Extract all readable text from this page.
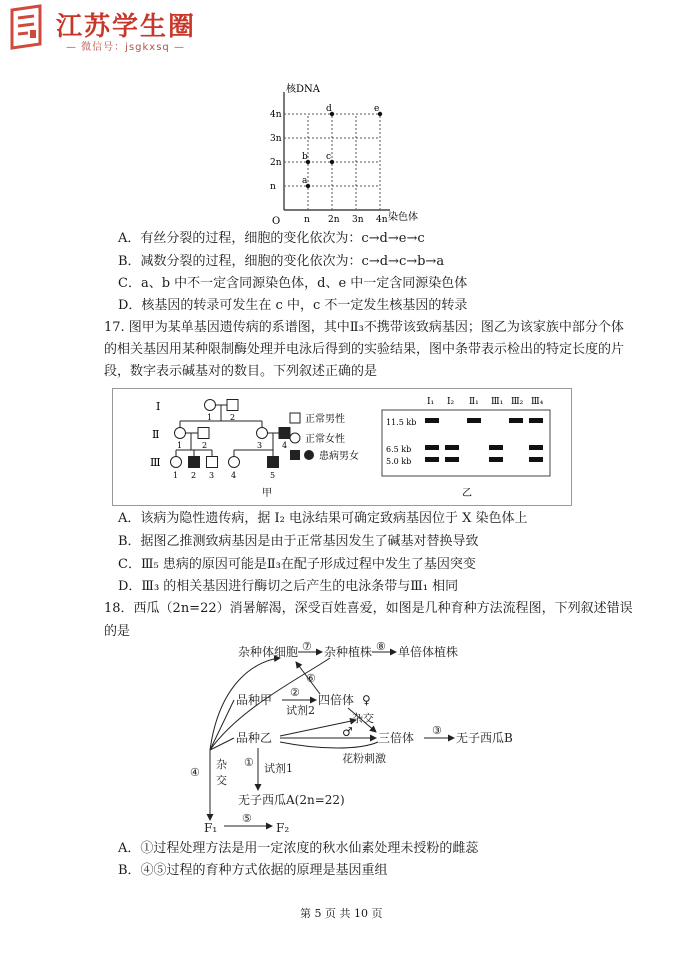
江苏学生圈
— 微信号：jsgkxsq —
核DNA
n 2n 3n 4n
n
2n
3n
4n
a
b c
d	e
O	染色体
A．有丝分裂的过程，细胞的变化依次为：c→d→e→c
B．减数分裂的过程，细胞的变化依次为：c→d→c→b→a
C．a、b 中不一定含同源染色体，d、e 中一定含同源染色体
D．核基因的转录可发生在 c 中，c 不一定发生核基因的转录
17. 图甲为某单基因遗传病的系谱图，其中Ⅱ₃不携带该致病基因；图乙为该家族中部分个体
的相关基因用某种限制酶处理并电泳后得到的实验结果，图中条带表示检出的特定长度的片
段，数字表示碱基对的数目。下列叙述正确的是
Ⅰ
Ⅱ
Ⅲ
1 2
1 2	3 4
1 2 3 4	5
甲
正常男性
正常女性
患病男女
Ⅰ₁ Ⅰ₂ Ⅱ₁ Ⅲ₁ Ⅲ₂ Ⅲ₄
11.5 kb
6.5 kb
5.0 kb
乙
A．该病为隐性遗传病，据 I₂ 电泳结果可确定致病基因位于 X 染色体上
B．据图乙推测致病基因是由于正常基因发生了碱基对替换导致
C．Ⅲ₅ 患病的原因可能是Ⅱ₃在配子形成过程中发生了基因突变
D．Ⅲ₃ 的相关基因进行酶切之后产生的电泳条带与Ⅲ₁ 相同
18．西瓜（2n=22）消暑解渴，深受百姓喜爱，如图是几种育种方法流程图，下列叙述错误
的是
杂种体细胞 ⑦ 杂种植株 ⑧ 单倍体植株
⑥
品种甲
②
试剂2
四倍体 ♀
杂交
♂
品种乙	三倍体
③
无子西瓜B
花粉刺激
④
杂
交
① 试剂1
无子西瓜A(2n=22)
F₁
⑤
F₂
A．①过程处理方法是用一定浓度的秋水仙素处理未授粉的雌蕊
B．④⑤过程的育种方式依据的原理是基因重组
第 5 页 共 10 页
